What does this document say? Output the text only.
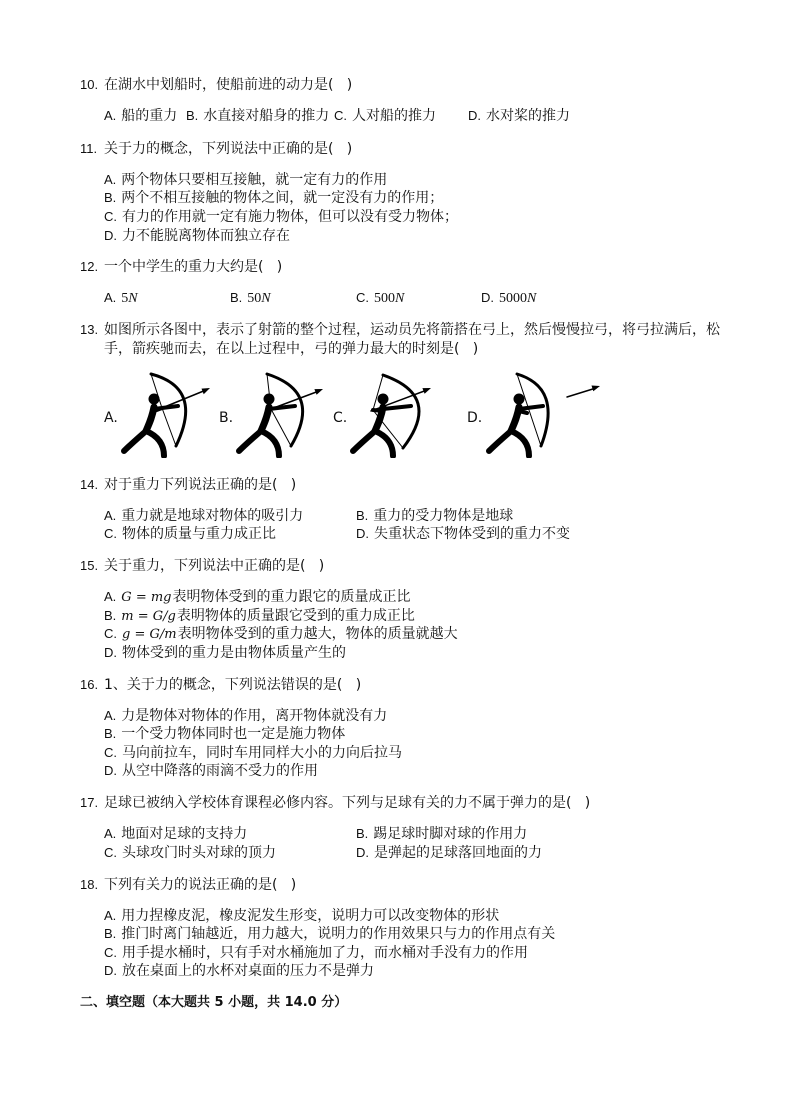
10. 在湖水中划船时，使船前进的动力是(   )
A. 船的重力 B. 水直接对船身的推力 C. 人对船的推力 D. 水对桨的推力
11. 关于力的概念，下列说法中正确的是(   )
A. 两个物体只要相互接触，就一定有力的作用
B. 两个不相互接触的物体之间，就一定没有力的作用；
C. 有力的作用就一定有施力物体，但可以没有受力物体；
D. 力不能脱离物体而独立存在
12. 一个中学生的重力大约是(   )
A. 5N	B. 50N	C. 500N	D. 5000N
13. 如图所示各图中，表示了射箭的整个过程，运动员先将箭搭在弓上，然后慢慢拉弓，将弓拉满后，松
手，箭疾驰而去，在以上过程中，弓的弹力最大的时刻是(   )
A.	B.	C.	D.
14. 对于重力下列说法正确的是(   )
A. 重力就是地球对物体的吸引力	B. 重力的受力物体是地球
C. 物体的质量与重力成正比	D. 失重状态下物体受到的重力不变
15. 关于重力，下列说法中正确的是(   )
A. G = mg表明物体受到的重力跟它的质量成正比
B. m = G/g表明物体的质量跟它受到的重力成正比
C. g = G/m表明物体受到的重力越大，物体的质量就越大
D. 物体受到的重力是由物体质量产生的
16. 1、关于力的概念，下列说法错误的是(   )
A. 力是物体对物体的作用，离开物体就没有力
B. 一个受力物体同时也一定是施力物体
C. 马向前拉车，同时车用同样大小的力向后拉马
D. 从空中降落的雨滴不受力的作用
17. 足球已被纳入学校体育课程必修内容。下列与足球有关的力不属于弹力的是(   )
A. 地面对足球的支持力	B. 踢足球时脚对球的作用力
C. 头球攻门时头对球的顶力	D. 是弹起的足球落回地面的力
18. 下列有关力的说法正确的是(   )
A. 用力捏橡皮泥，橡皮泥发生形变，说明力可以改变物体的形状
B. 推门时离门轴越近，用力越大，说明力的作用效果只与力的作用点有关
C. 用手提水桶时，只有手对水桶施加了力，而水桶对手没有力的作用
D. 放在桌面上的水杯对桌面的压力不是弹力
二、填空题（本大题共 5 小题，共 14.0 分）
